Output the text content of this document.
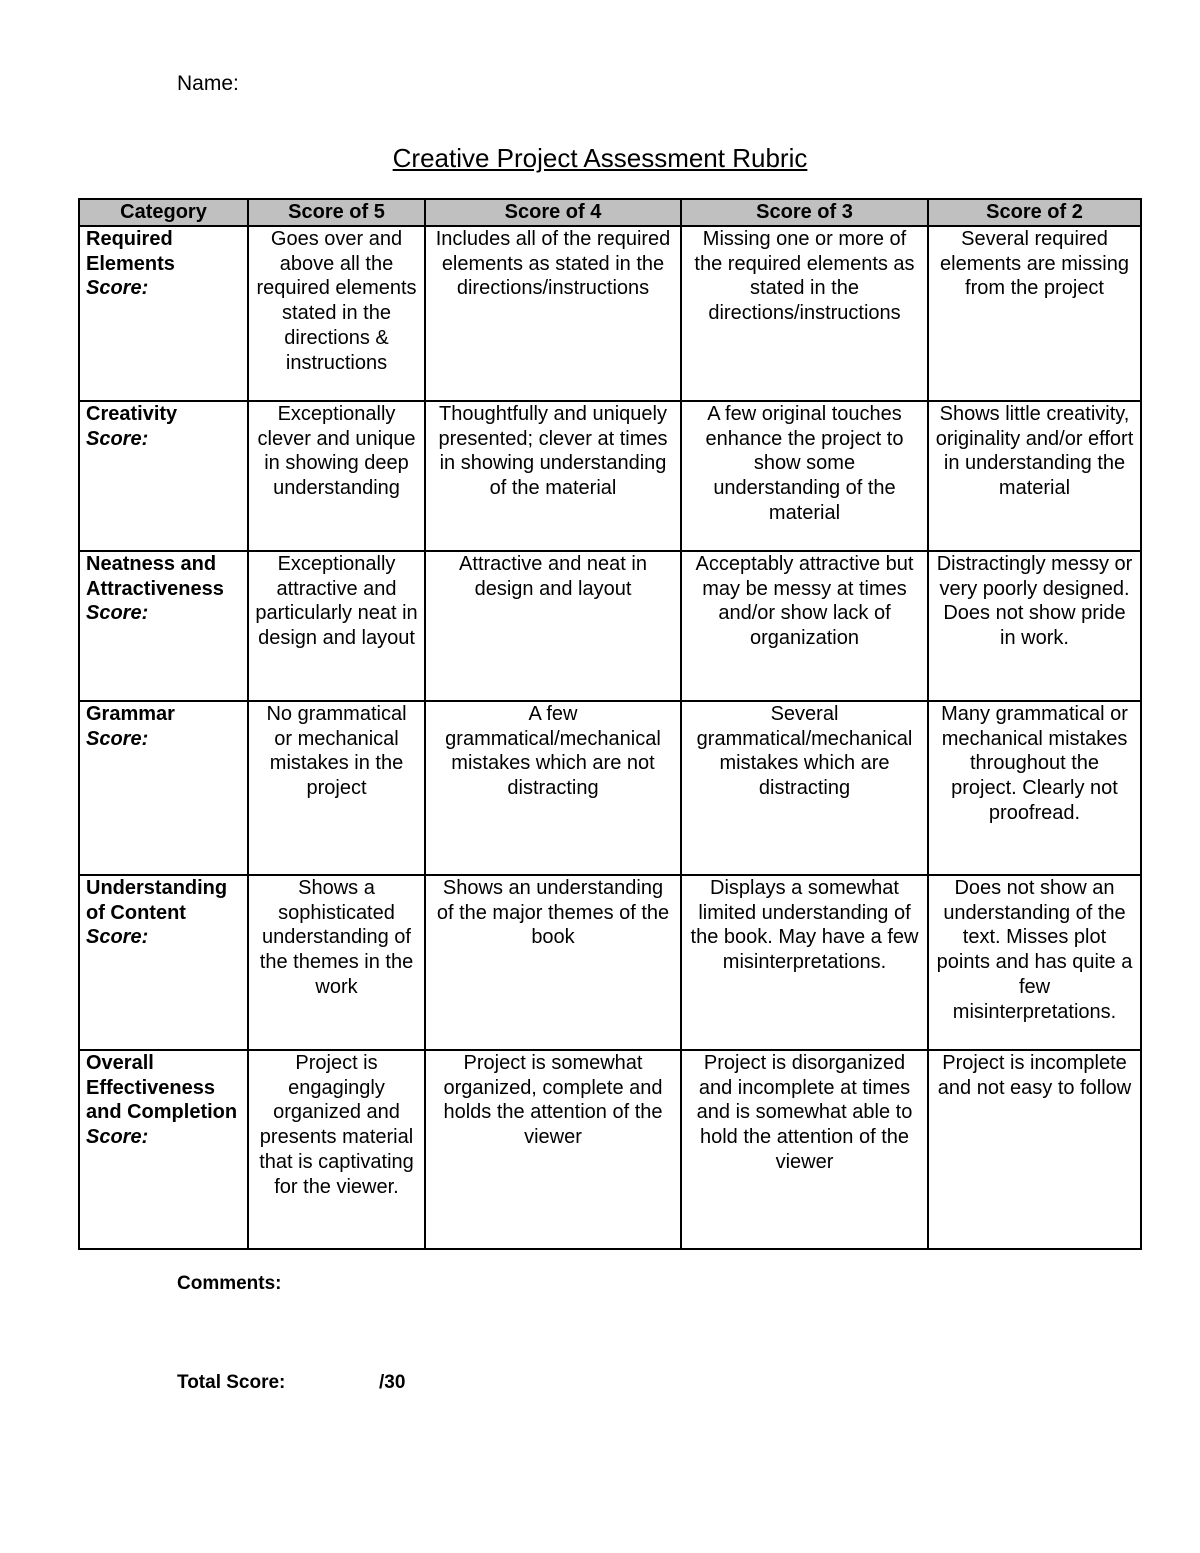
Name:
Creative Project Assessment Rubric
Category	Score of 5	Score of 4	Score of 3	Score of 2

Required Elements
Score:	Goes over and above all the required elements stated in the directions & instructions	Includes all of the required elements as stated in the directions/instructions	Missing one or more of the required elements as stated in the directions/instructions	Several required elements are missing from the project

Creativity
Score:	Exceptionally clever and unique in showing deep understanding	Thoughtfully and uniquely presented; clever at times in showing understanding of the material	A few original touches enhance the project to show some understanding of the material	Shows little creativity, originality and/or effort in understanding the material

Neatness and Attractiveness
Score:	Exceptionally attractive and particularly neat in design and layout	Attractive and neat in design and layout	Acceptably attractive but may be messy at times and/or show lack of organization	Distractingly messy or very poorly designed. Does not show pride in work.

Grammar
Score:	No grammatical or mechanical mistakes in the project	A few grammatical/mechanical mistakes which are not distracting	Several grammatical/mechanical mistakes which are distracting	Many grammatical or mechanical mistakes throughout the project. Clearly not proofread.

Understanding of Content
Score:	Shows a sophisticated understanding of the themes in the work	Shows an understanding of the major themes of the book	Displays a somewhat limited understanding of the book. May have a few misinterpretations.	Does not show an understanding of the text. Misses plot points and has quite a few misinterpretations.

Overall Effectiveness and Completion
Score:	Project is engagingly organized and presents material that is captivating for the viewer.	Project is somewhat organized, complete and holds the attention of the viewer	Project is disorganized and incomplete at times and is somewhat able to hold the attention of the viewer	Project is incomplete and not easy to follow
Comments:
Total Score:	/30
